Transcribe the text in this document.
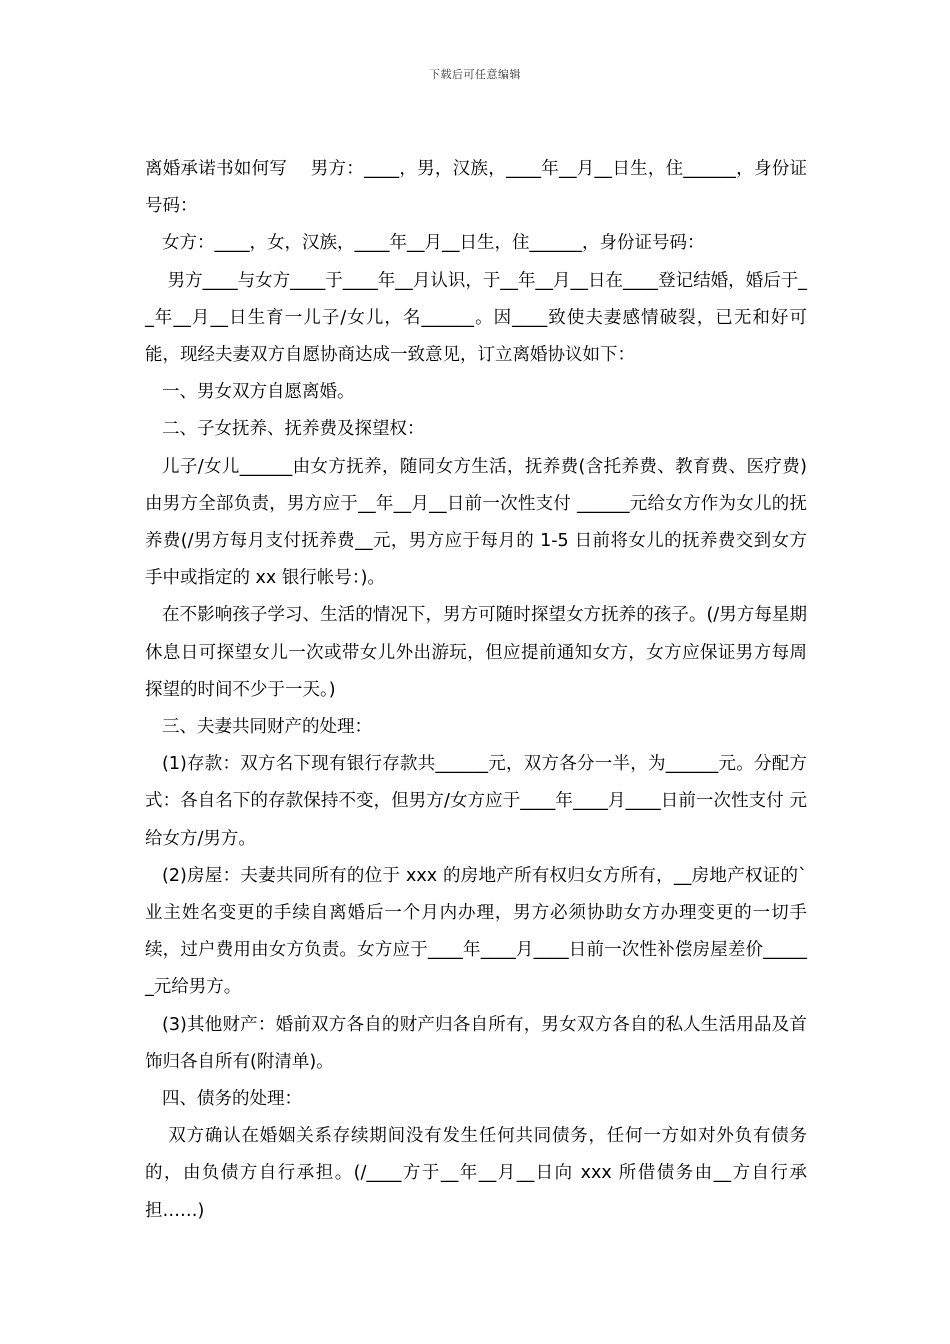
下载后可任意编辑

离婚承诺书如何写　 男方：____，男，汉族，____年__月__日生，住______，身份证号码：

女方：____，女，汉族，____年__月__日生，住______，身份证号码：

男方____与女方____于____年__月认识，于__年__月__日在____登记结婚，婚后于__年__月__日生育一儿子/女儿，名______。因____致使夫妻感情破裂，已无和好可能，现经夫妻双方自愿协商达成一致意见，订立离婚协议如下：

一、男女双方自愿离婚。

二、子女抚养、抚养费及探望权：

儿子/女儿______由女方抚养，随同女方生活，抚养费(含托养费、教育费、医疗费)由男方全部负责，男方应于__年__月__日前一次性支付 ______元给女方作为女儿的抚养费(/男方每月支付抚养费__元，男方应于每月的 1-5 日前将女儿的抚养费交到女方手中或指定的 xx 银行帐号：)。

在不影响孩子学习、生活的情况下，男方可随时探望女方抚养的孩子。(/男方每星期休息日可探望女儿一次或带女儿外出游玩，但应提前通知女方，女方应保证男方每周探望的时间不少于一天。)

三、夫妻共同财产的处理：

(1)存款：双方名下现有银行存款共______元，双方各分一半，为______元。分配方式：各自名下的存款保持不变，但男方/女方应于____年____月____日前一次性支付 元给女方/男方。

(2)房屋：夫妻共同所有的位于 xxx 的房地产所有权归女方所有，__房地产权证的`业主姓名变更的手续自离婚后一个月内办理，男方必须协助女方办理变更的一切手续，过户费用由女方负责。女方应于____年____月____日前一次性补偿房屋差价______元给男方。

(3)其他财产：婚前双方各自的财产归各自所有，男女双方各自的私人生活用品及首饰归各自所有(附清单)。

四、债务的处理：

双方确认在婚姻关系存续期间没有发生任何共同债务，任何一方如对外负有债务的，由负债方自行承担。(/____方于__年__月__日向 xxx 所借债务由__方自行承担……)
